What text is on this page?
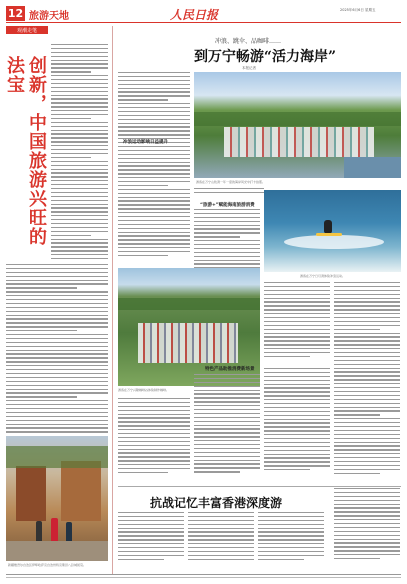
12 旅游天地	人民日报	2025年6月6日 星期五
观潮走笔
创新，中国旅游兴旺的法宝
新疆维吾尔自治区伊犁哈萨克自治州特克斯县八卦城街景。
冲浪、跳伞、品咖啡……
到万宁畅游“活力海岸”
本报记者
冲浪运动影响日益提升
游客在万宁山钦湾一年一度的海岸风光中打卡拍照。
“旅游+”赋能海南旅游消费
游客在万宁日月湾体验冲浪运动。
游客在万宁兴隆咖啡谷体验制作咖啡。
特色产品助推消费新场景
抗战记忆丰富香港深度游
